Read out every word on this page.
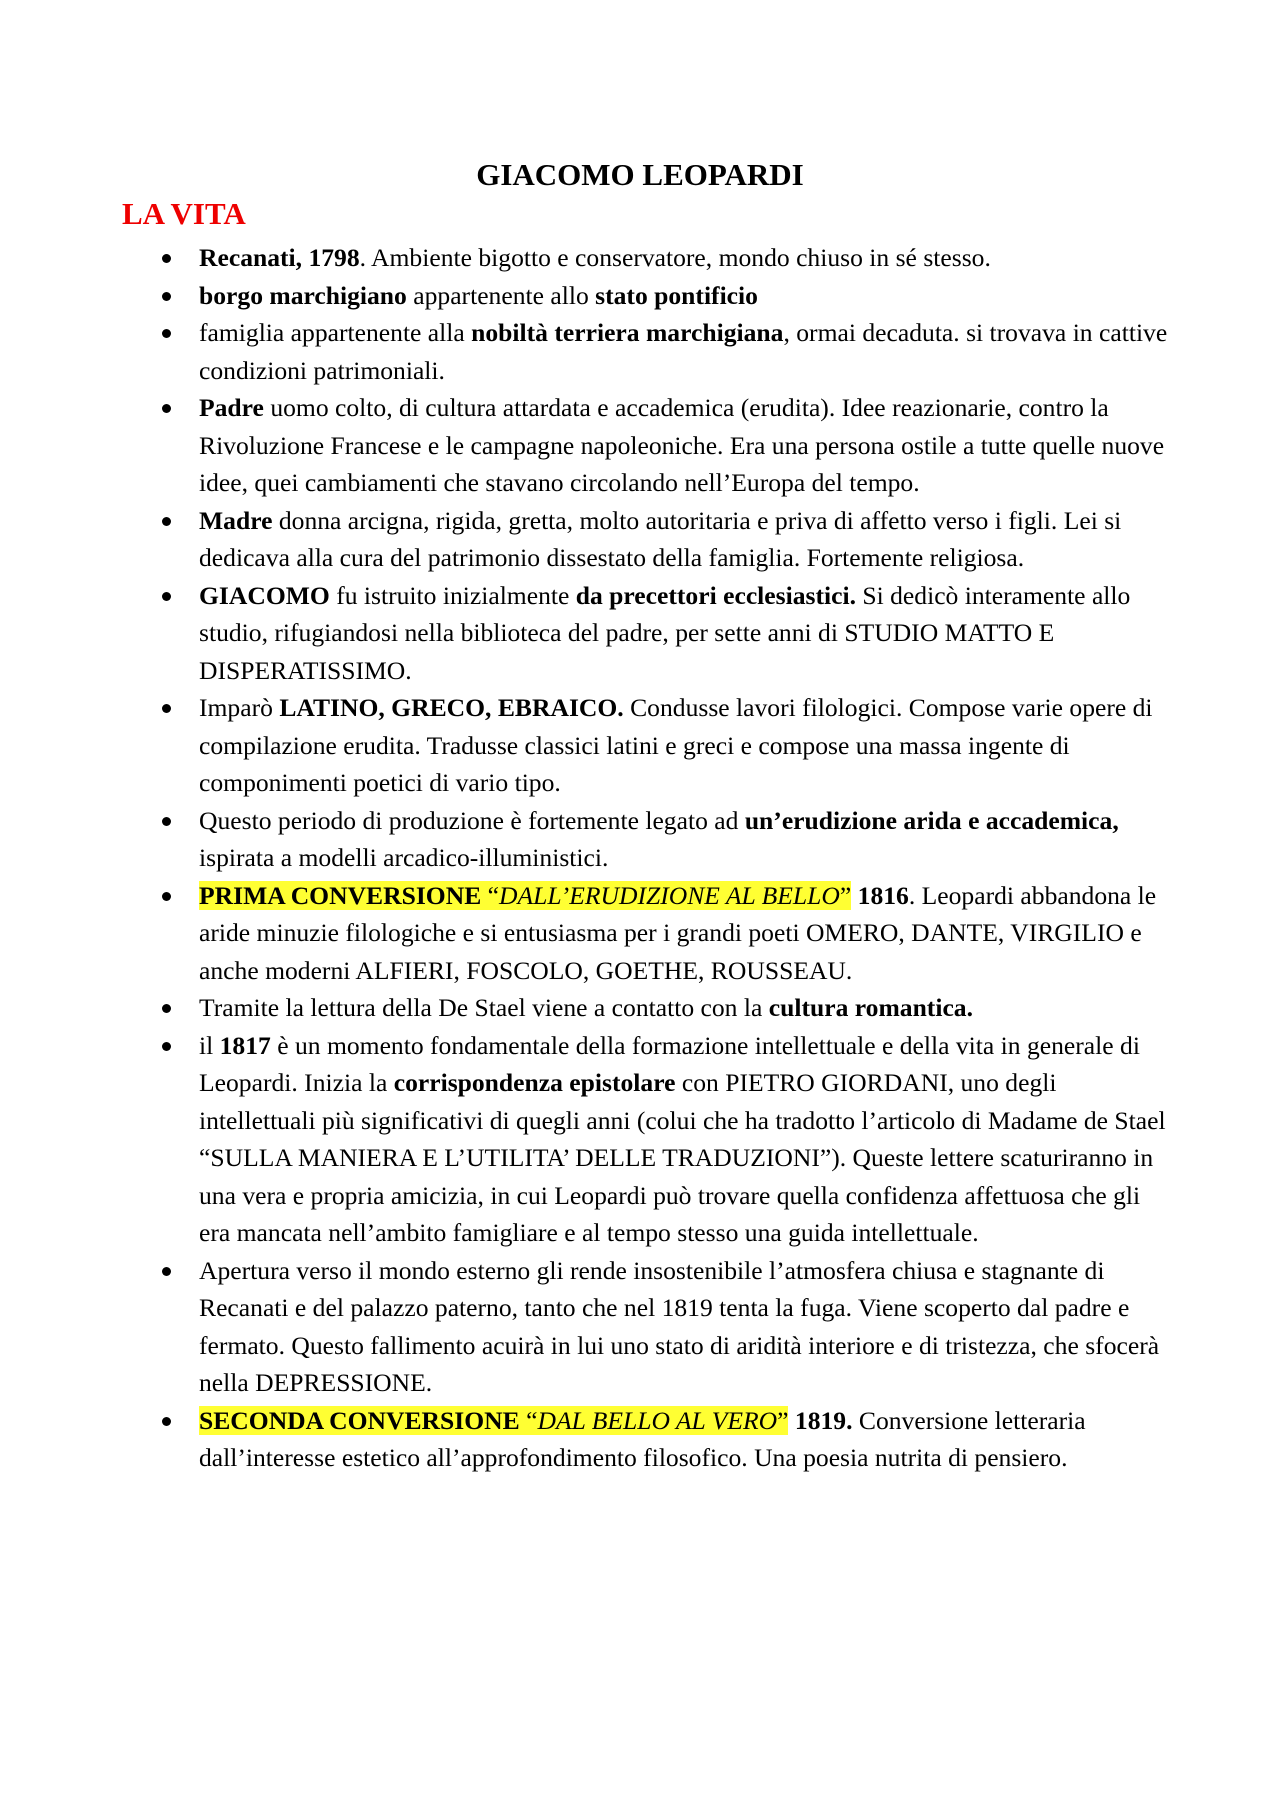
GIACOMO LEOPARDI
LA VITA
Recanati, 1798. Ambiente bigotto e conservatore, mondo chiuso in sé stesso.
borgo marchigiano appartenente allo stato pontificio
famiglia appartenente alla nobiltà terriera marchigiana, ormai decaduta. si trovava in cattive condizioni patrimoniali.
Padre uomo colto, di cultura attardata e accademica (erudita). Idee reazionarie, contro la Rivoluzione Francese e le campagne napoleoniche. Era una persona ostile a tutte quelle nuove idee, quei cambiamenti che stavano circolando nell’Europa del tempo.
Madre donna arcigna, rigida, gretta, molto autoritaria e priva di affetto verso i figli. Lei si dedicava alla cura del patrimonio dissestato della famiglia. Fortemente religiosa.
GIACOMO fu istruito inizialmente da precettori ecclesiastici. Si dedicò interamente allo studio, rifugiandosi nella biblioteca del padre, per sette anni di STUDIO MATTO E DISPERATISSIMO.
Imparò LATINO, GRECO, EBRAICO. Condusse lavori filologici. Compose varie opere di compilazione erudita. Tradusse classici latini e greci e compose una massa ingente di componimenti poetici di vario tipo.
Questo periodo di produzione è fortemente legato ad un’erudizione arida e accademica, ispirata a modelli arcadico-illuministici.
PRIMA CONVERSIONE “DALL’ERUDIZIONE AL BELLO” 1816. Leopardi abbandona le aride minuzie filologiche e si entusiasma per i grandi poeti OMERO, DANTE, VIRGILIO e anche moderni ALFIERI, FOSCOLO, GOETHE, ROUSSEAU.
Tramite la lettura della De Stael viene a contatto con la cultura romantica.
il 1817 è un momento fondamentale della formazione intellettuale e della vita in generale di Leopardi. Inizia la corrispondenza epistolare con PIETRO GIORDANI, uno degli intellettuali più significativi di quegli anni (colui che ha tradotto l’articolo di Madame de Stael “SULLA MANIERA E L’UTILITA’ DELLE TRADUZIONI”). Queste lettere scaturiranno in una vera e propria amicizia, in cui Leopardi può trovare quella confidenza affettuosa che gli era mancata nell’ambito famigliare e al tempo stesso una guida intellettuale.
Apertura verso il mondo esterno gli rende insostenibile l’atmosfera chiusa e stagnante di Recanati e del palazzo paterno, tanto che nel 1819 tenta la fuga. Viene scoperto dal padre e fermato. Questo fallimento acuirà in lui uno stato di aridità interiore e di tristezza, che sfocerà nella DEPRESSIONE.
SECONDA CONVERSIONE “DAL BELLO AL VERO” 1819. Conversione letteraria dall’interesse estetico all’approfondimento filosofico. Una poesia nutrita di pensiero.
